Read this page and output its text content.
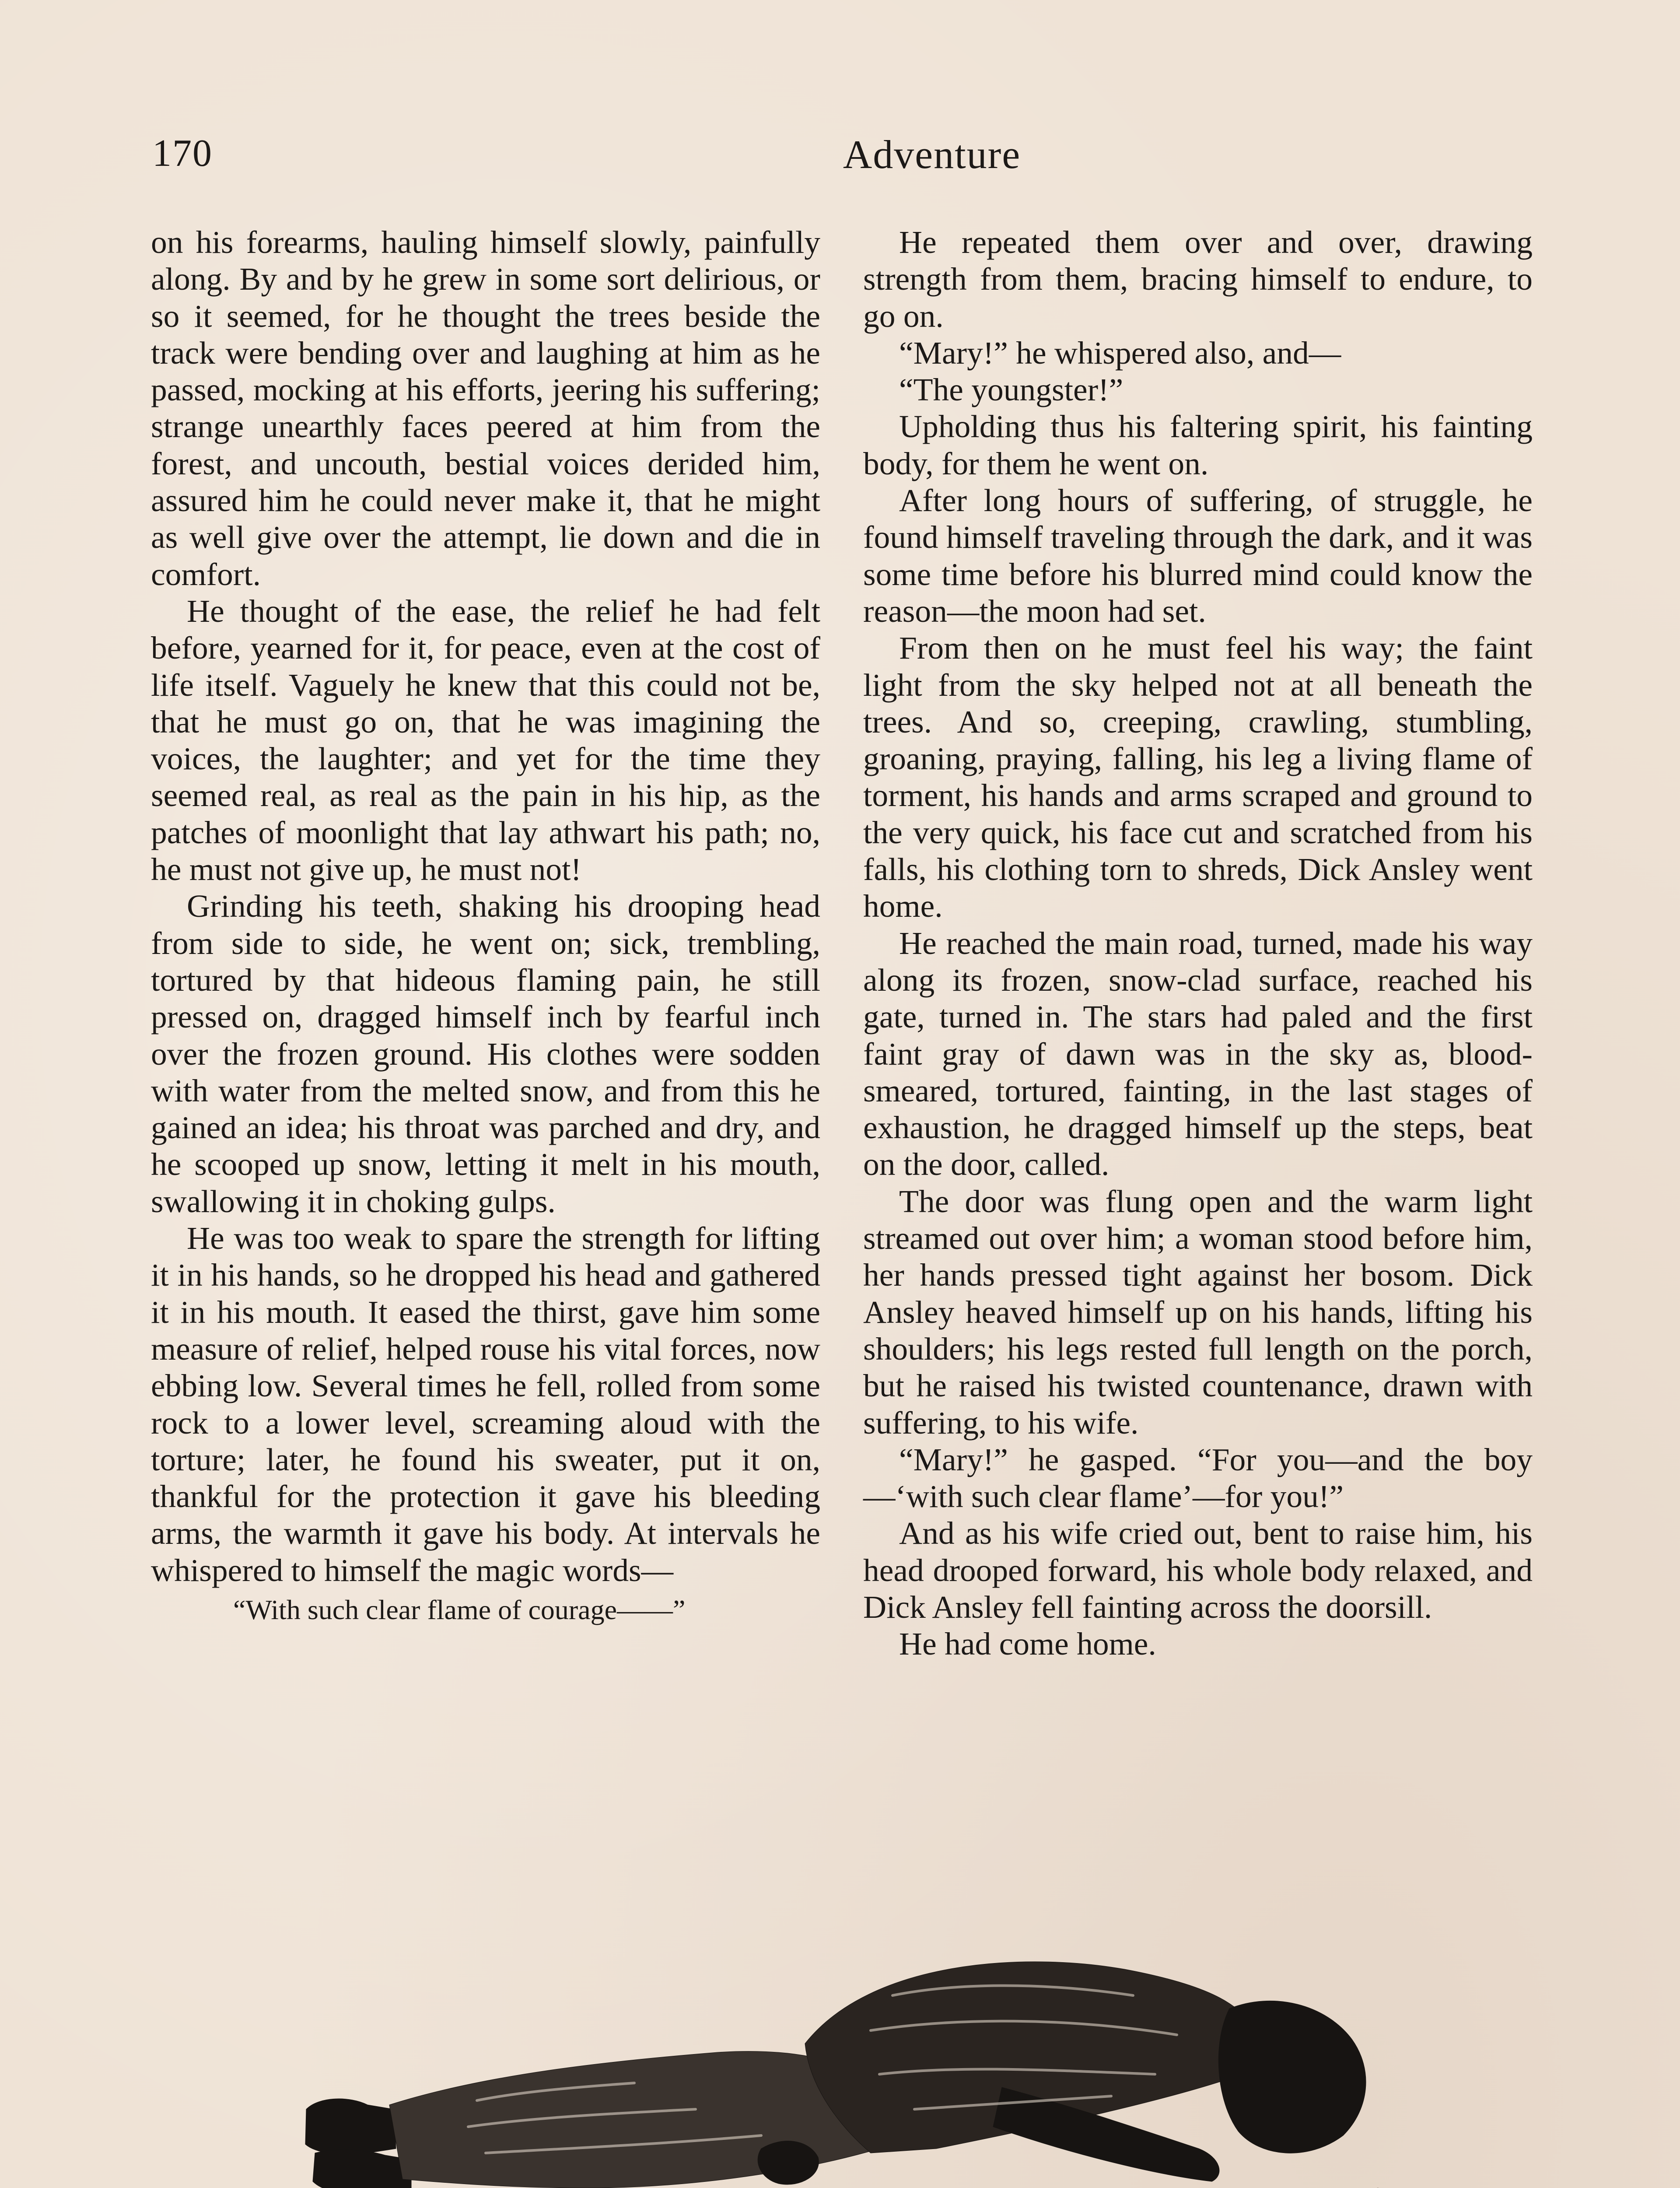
170	Adventure

on his forearms, hauling himself slowly, painfully along. By and by he grew in some sort delirious, or so it seemed, for he thought the trees beside the track were bending over and laughing at him as he passed, mocking at his efforts, jeering his suffering; strange unearthly faces peered at him from the forest, and uncouth, bestial voices derided him, assured him he could never make it, that he might as well give over the attempt, lie down and die in comfort.

He thought of the ease, the relief he had felt before, yearned for it, for peace, even at the cost of life itself. Vaguely he knew that this could not be, that he must go on, that he was imagining the voices, the laughter; and yet for the time they seemed real, as real as the pain in his hip, as the patches of moonlight that lay athwart his path; no, he must not give up, he must not!

Grinding his teeth, shaking his drooping head from side to side, he went on; sick, trembling, tortured by that hideous flaming pain, he still pressed on, dragged himself inch by fearful inch over the frozen ground. His clothes were sodden with water from the melted snow, and from this he gained an idea; his throat was parched and dry, and he scooped up snow, letting it melt in his mouth, swallowing it in choking gulps.

He was too weak to spare the strength for lifting it in his hands, so he dropped his head and gathered it in his mouth. It eased the thirst, gave him some measure of relief, helped rouse his vital forces, now ebbing low. Several times he fell, rolled from some rock to a lower level, screaming aloud with the torture; later, he found his sweater, put it on, thankful for the protection it gave his bleeding arms, the warmth it gave his body. At intervals he whispered to himself the magic words—

“With such clear flame of courage——”

He repeated them over and over, drawing strength from them, bracing himself to endure, to go on.

“Mary!” he whispered also, and—

“The youngster!”

Upholding thus his faltering spirit, his fainting body, for them he went on.

After long hours of suffering, of struggle, he found himself traveling through the dark, and it was some time before his blurred mind could know the reason—the moon had set.

From then on he must feel his way; the faint light from the sky helped not at all beneath the trees. And so, creeping, crawling, stumbling, groaning, praying, falling, his leg a living flame of torment, his hands and arms scraped and ground to the very quick, his face cut and scratched from his falls, his clothing torn to shreds, Dick Ansley went home.

He reached the main road, turned, made his way along its frozen, snow-clad surface, reached his gate, turned in. The stars had paled and the first faint gray of dawn was in the sky as, blood-smeared, tortured, fainting, in the last stages of exhaustion, he dragged himself up the steps, beat on the door, called.

The door was flung open and the warm light streamed out over him; a woman stood before him, her hands pressed tight against her bosom. Dick Ansley heaved himself up on his hands, lifting his shoulders; his legs rested full length on the porch, but he raised his twisted countenance, drawn with suffering, to his wife.

“Mary!” he gasped. “For you—and the boy—‘with such clear flame’—for you!”

And as his wife cried out, bent to raise him, his head drooped forward, his whole body relaxed, and Dick Ansley fell fainting across the doorsill.

He had come home.
